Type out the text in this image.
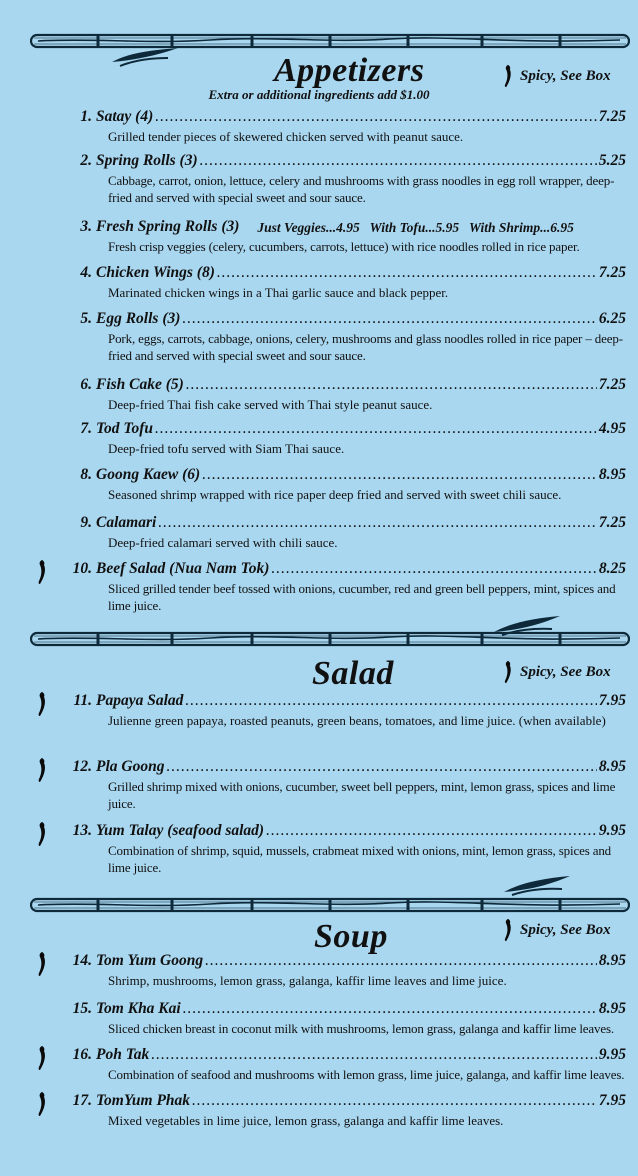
Appetizers	Spicy, See Box
Extra or additional ingredients add $1.00
1. Satay (4) .....	7.25
Grilled tender pieces of skewered chicken served with peanut sauce.
2. Spring Rolls (3) .....	5.25
Cabbage, carrot, onion, lettuce, celery and mushrooms with grass noodles in egg roll wrapper, deep-fried and served with special sweet and sour sauce.
3. Fresh Spring Rolls (3) Just Veggies...4.95   With Tofu...5.95   With Shrimp...6.95
Fresh crisp veggies (celery, cucumbers, carrots, lettuce) with rice noodles rolled in rice paper.
4. Chicken Wings (8) .....	7.25
Marinated chicken wings in a Thai garlic sauce and black pepper.
5. Egg Rolls (3) .....	6.25
Pork, eggs, carrots, cabbage, onions, celery, mushrooms and glass noodles rolled in rice paper – deep-fried and served with special sweet and sour sauce.
6. Fish Cake (5) .....	7.25
Deep-fried Thai fish cake served with Thai style peanut sauce.
7. Tod Tofu .....	4.95
Deep-fried tofu served with Siam Thai sauce.
8. Goong Kaew (6) .....	8.95
Seasoned shrimp wrapped with rice paper deep fried and served with sweet chili sauce.
9. Calamari .....	7.25
Deep-fried calamari served with chili sauce.
10. Beef Salad (Nua Nam Tok) .....	8.25
Sliced grilled tender beef tossed with onions, cucumber, red and green bell peppers, mint, spices and lime juice.
Salad	Spicy, See Box
11. Papaya Salad .....	7.95
Julienne green papaya, roasted peanuts, green beans, tomatoes, and lime juice. (when available)
12. Pla Goong .....	8.95
Grilled shrimp mixed with onions, cucumber, sweet bell peppers, mint, lemon grass, spices and lime juice.
13. Yum Talay (seafood salad) .....	9.95
Combination of shrimp, squid, mussels, crabmeat mixed with onions, mint, lemon grass, spices and lime juice.
Soup	Spicy, See Box
14. Tom Yum Goong .....	8.95
Shrimp, mushrooms, lemon grass, galanga, kaffir lime leaves and lime juice.
15. Tom Kha Kai .....	8.95
Sliced chicken breast in coconut milk with mushrooms, lemon grass, galanga and kaffir lime leaves.
16. Poh Tak .....	9.95
Combination of seafood and mushrooms with lemon grass, lime juice, galanga, and kaffir lime leaves.
17. TomYum Phak .....	7.95
Mixed vegetables in lime juice, lemon grass, galanga and kaffir lime leaves.
